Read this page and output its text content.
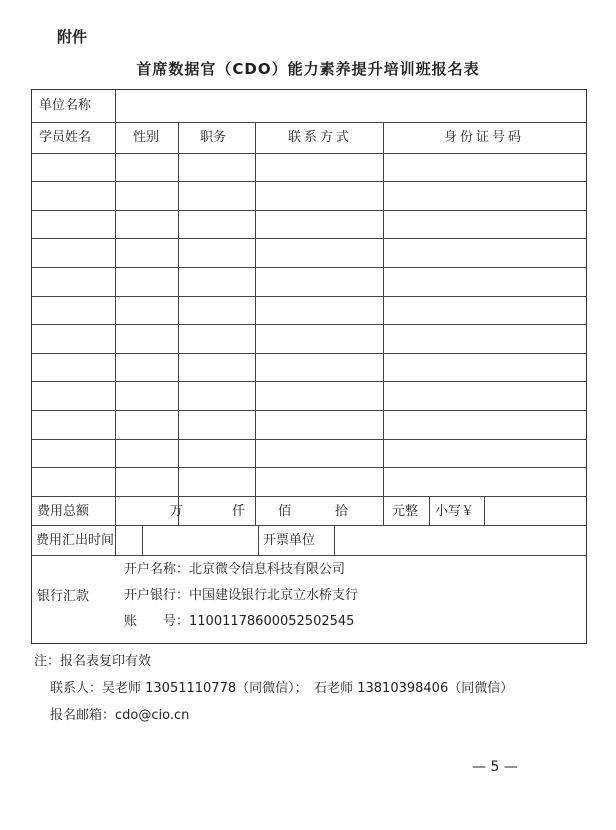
附件
首席数据官（CDO）能力素养提升培训班报名表
单位名称
学员姓名	性别	职务	联系方式	身份证号码
费用总额	万	仟	佰	拾	元整 小写￥
费用汇出时间	开票单位
银行汇款
开户名称：北京微令信息科技有限公司
开户银行：中国建设银行北京立水桥支行
账　　号：11001178600052502545
注：报名表复印有效
联系人：吴老师 13051110778（同微信）；　石老师 13810398406（同微信）
报名邮箱：cdo@cio.cn
— 5 —
